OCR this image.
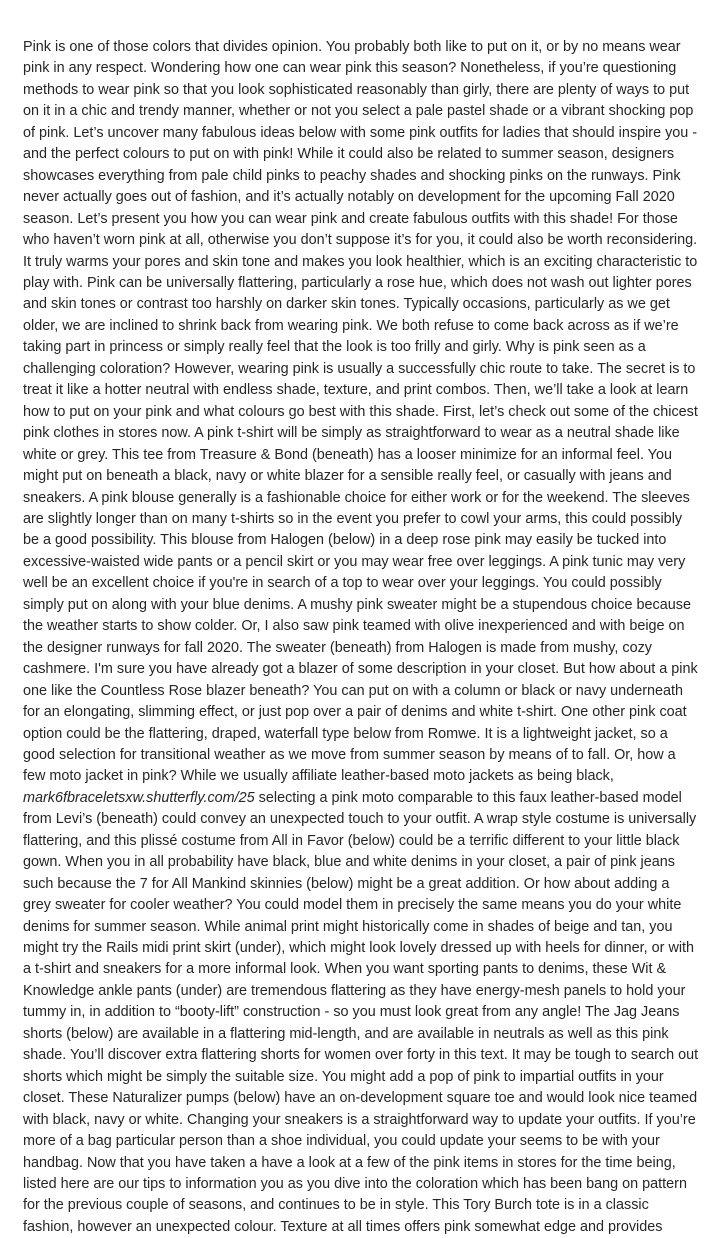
Pink is one of those colors that divides opinion. You probably both like to put on it, or by no means wear pink in any respect. Wondering how one can wear pink this season? Nonetheless, if you’re questioning methods to wear pink so that you look sophisticated reasonably than girly, there are plenty of ways to put on it in a chic and trendy manner, whether or not you select a pale pastel shade or a vibrant shocking pop of pink. Let’s uncover many fabulous ideas below with some pink outfits for ladies that should inspire you - and the perfect colours to put on with pink! While it could also be related to summer season, designers showcases everything from pale child pinks to peachy shades and shocking pinks on the runways. Pink never actually goes out of fashion, and it’s actually notably on development for the upcoming Fall 2020 season. Let’s present you how you can wear pink and create fabulous outfits with this shade! For those who haven’t worn pink at all, otherwise you don’t suppose it’s for you, it could also be worth reconsidering. It truly warms your pores and skin tone and makes you look healthier, which is an exciting characteristic to play with. Pink can be universally flattering, particularly a rose hue, which does not wash out lighter pores and skin tones or contrast too harshly on darker skin tones. Typically occasions, particularly as we get older, we are inclined to shrink back from wearing pink. We both refuse to come back across as if we’re taking part in princess or simply really feel that the look is too frilly and girly. Why is pink seen as a challenging coloration? However, wearing pink is usually a successfully chic route to take. The secret is to treat it like a hotter neutral with endless shade, texture, and print combos. Then, we’ll take a look at learn how to put on your pink and what colours go best with this shade. First, let’s check out some of the chicest pink clothes in stores now. A pink t-shirt will be simply as straightforward to wear as a neutral shade like white or grey. This tee from Treasure & Bond (beneath) has a looser minimize for an informal feel. You might put on beneath a black, navy or white blazer for a sensible really feel, or casually with jeans and sneakers. A pink blouse generally is a fashionable choice for either work or for the weekend. The sleeves are slightly longer than on many t-shirts so in the event you prefer to cowl your arms, this could possibly be a good possibility. This blouse from Halogen (below) in a deep rose pink may easily be tucked into excessive-waisted wide pants or a pencil skirt or you may wear free over leggings. A pink tunic may very well be an excellent choice if you're in search of a top to wear over your leggings. You could possibly simply put on along with your blue denims. A mushy pink sweater might be a stupendous choice because the weather starts to show colder. Or, I also saw pink teamed with olive inexperienced and with beige on the designer runways for fall 2020. The sweater (beneath) from Halogen is made from mushy, cozy cashmere. I'm sure you have already got a blazer of some description in your closet. But how about a pink one like the Countless Rose blazer beneath? You can put on with a column or black or navy underneath for an elongating, slimming effect, or just pop over a pair of denims and white t-shirt. One other pink coat option could be the flattering, draped, waterfall type below from Romwe. It is a lightweight jacket, so a good selection for transitional weather as we move from summer season by means of to fall. Or, how a few moto jacket in pink? While we usually affiliate leather-based moto jackets as being black, mark6fbraceletsxw.shutterfly.com/25 selecting a pink moto comparable to this faux leather-based model from Levi’s (beneath) could convey an unexpected touch to your outfit. A wrap style costume is universally flattering, and this plissé costume from All in Favor (below) could be a terrific different to your little black gown. When you in all probability have black, blue and white denims in your closet, a pair of pink jeans such because the 7 for All Mankind skinnies (below) might be a great addition. Or how about adding a grey sweater for cooler weather? You could model them in precisely the same means you do your white denims for summer season. While animal print might historically come in shades of beige and tan, you might try the Rails midi print skirt (under), which might look lovely dressed up with heels for dinner, or with a t-shirt and sneakers for a more informal look. When you want sporting pants to denims, these Wit & Knowledge ankle pants (under) are tremendous flattering as they have energy-mesh panels to hold your tummy in, in addition to “booty-lift” construction - so you must look great from any angle! The Jag Jeans shorts (below) are available in a flattering mid-length, and are available in neutrals as well as this pink shade. You’ll discover extra flattering shorts for women over forty in this text. It may be tough to search out shorts which might be simply the suitable size. You might add a pop of pink to impartial outfits in your closet. These Naturalizer pumps (below) have an on-development square toe and would look nice teamed with black, navy or white. Changing your sneakers is a straightforward way to update your outfits. If you’re more of a bag particular person than a shoe individual, you could update your seems to be with your handbag. Now that you have taken a have a look at a few of the pink items in stores for the time being, listed here are our tips to information you as you dive into the coloration which has been bang on pattern for the previous couple of seasons, and continues to be in style. This Tory Burch tote is in a classic fashion, however an unexpected colour. Texture at all times offers pink somewhat edge and provides
